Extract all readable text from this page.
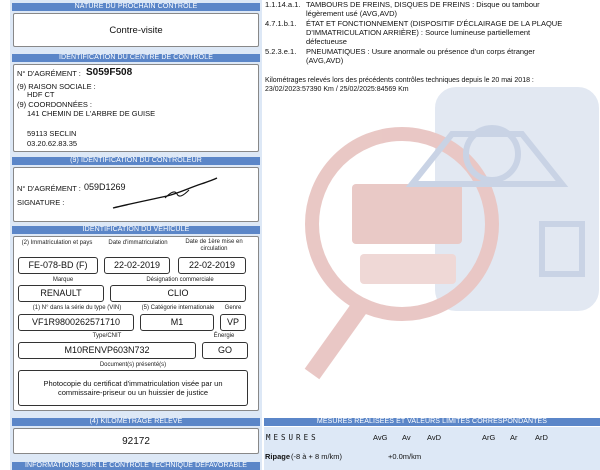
NATURE DU PROCHAIN CONTRÔLE
Contre-visite
IDENTIFICATION DU CENTRE DE CONTRÔLE
N° D'AGRÉMENT : S059F508
(9) RAISON SOCIALE :
HDF CT
(9) COORDONNÉES :
141 CHEMIN DE L'ARBRE DE GUISE
59113 SECLIN
03.20.62.83.35
(9) IDENTIFICATION DU CONTRÔLEUR
N° D'AGRÉMENT : 059D1269
SIGNATURE :
IDENTIFICATION DU VÉHICULE
(2) Immatriculation et pays	Date d'immatriculation	Date de 1ère mise en circulation
FE-078-BD (F)	22-02-2019	22-02-2019
Marque	Désignation commerciale
RENAULT	CLIO
(1) N° dans la série du type (VIN)	(5) Catégorie internationale	Genre
VF1R9800262571710	M1	VP
Type/CNIT	Énergie
M10RENVP603N732	GO
Document(s) présenté(s)
Photocopie du certificat d'immatriculation visée par un commissaire-priseur ou un huissier de justice
(4) KILOMÉTRAGE RELEVÉ
92172
INFORMATIONS SUR LE CONTRÔLE TECHNIQUE DÉFAVORABLE
1.1.14.a.1. TAMBOURS DE FREINS, DISQUES DE FREINS : Disque ou tambour
légèrement usé (AVG,AVD)
4.7.1.b.1. ÉTAT ET FONCTIONNEMENT (DISPOSITIF D'ÉCLAIRAGE DE LA PLAQUE
D'IMMATRICULATION ARRIÈRE) : Source lumineuse partiellement
défectueuse
5.2.3.e.1. PNEUMATIQUES : Usure anormale ou présence d'un corps étranger
(AVG,AVD)
Kilométrages relevés lors des précédents contrôles techniques depuis le 20 mai 2018 :
23/02/2023:57390 Km / 25/02/2025:84569 Km
MESURES RÉALISÉES ET VALEURS LIMITES CORRESPONDANTES
MESURES	AvG Av AvD	ArG Ar ArD
Ripage (-8 à + 8 m/km)	+0.0m/km
